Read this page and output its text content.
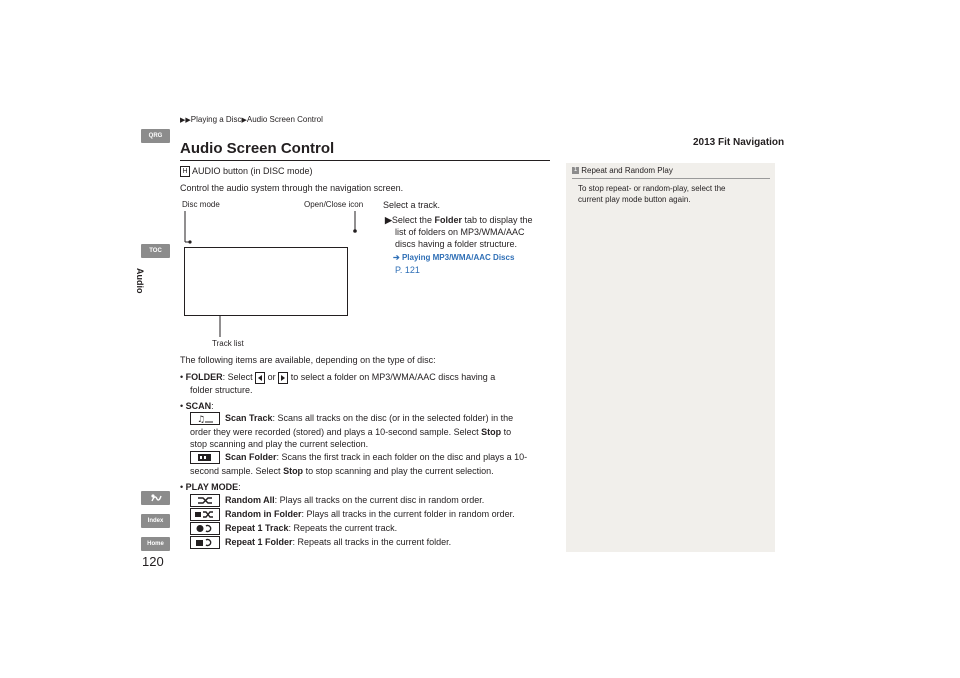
QRG
TOC
Audio
Index
Home
▶▶Playing a Disc▶Audio Screen Control
2013 Fit Navigation
Audio Screen Control
H AUDIO button (in DISC mode)
Control the audio system through the navigation screen.
Disc mode	Open/Close icon
Track list
Select a track.
▶Select the Folder tab to display the
list of folders on MP3/WMA/AAC
discs having a folder structure.
➔ Playing MP3/WMA/AAC Discs
P. 121
The following items are available, depending on the type of disc:
• FOLDER: Select  or  to select a folder on MP3/WMA/AAC discs having a
folder structure.
• SCAN:
♫ Scan Track: Scans all tracks on the disc (or in the selected folder) in the
order they were recorded (stored) and plays a 10-second sample. Select Stop to
stop scanning and play the current selection.
Scan Folder: Scans the first track in each folder on the disc and plays a 10-
second sample. Select Stop to stop scanning and play the current selection.
• PLAY MODE:
Random All: Plays all tracks on the current disc in random order.
Random in Folder: Plays all tracks in the current folder in random order.
Repeat 1 Track: Repeats the current track.
Repeat 1 Folder: Repeats all tracks in the current folder.
1 Repeat and Random Play
To stop repeat- or random-play, select the
current play mode button again.
120
